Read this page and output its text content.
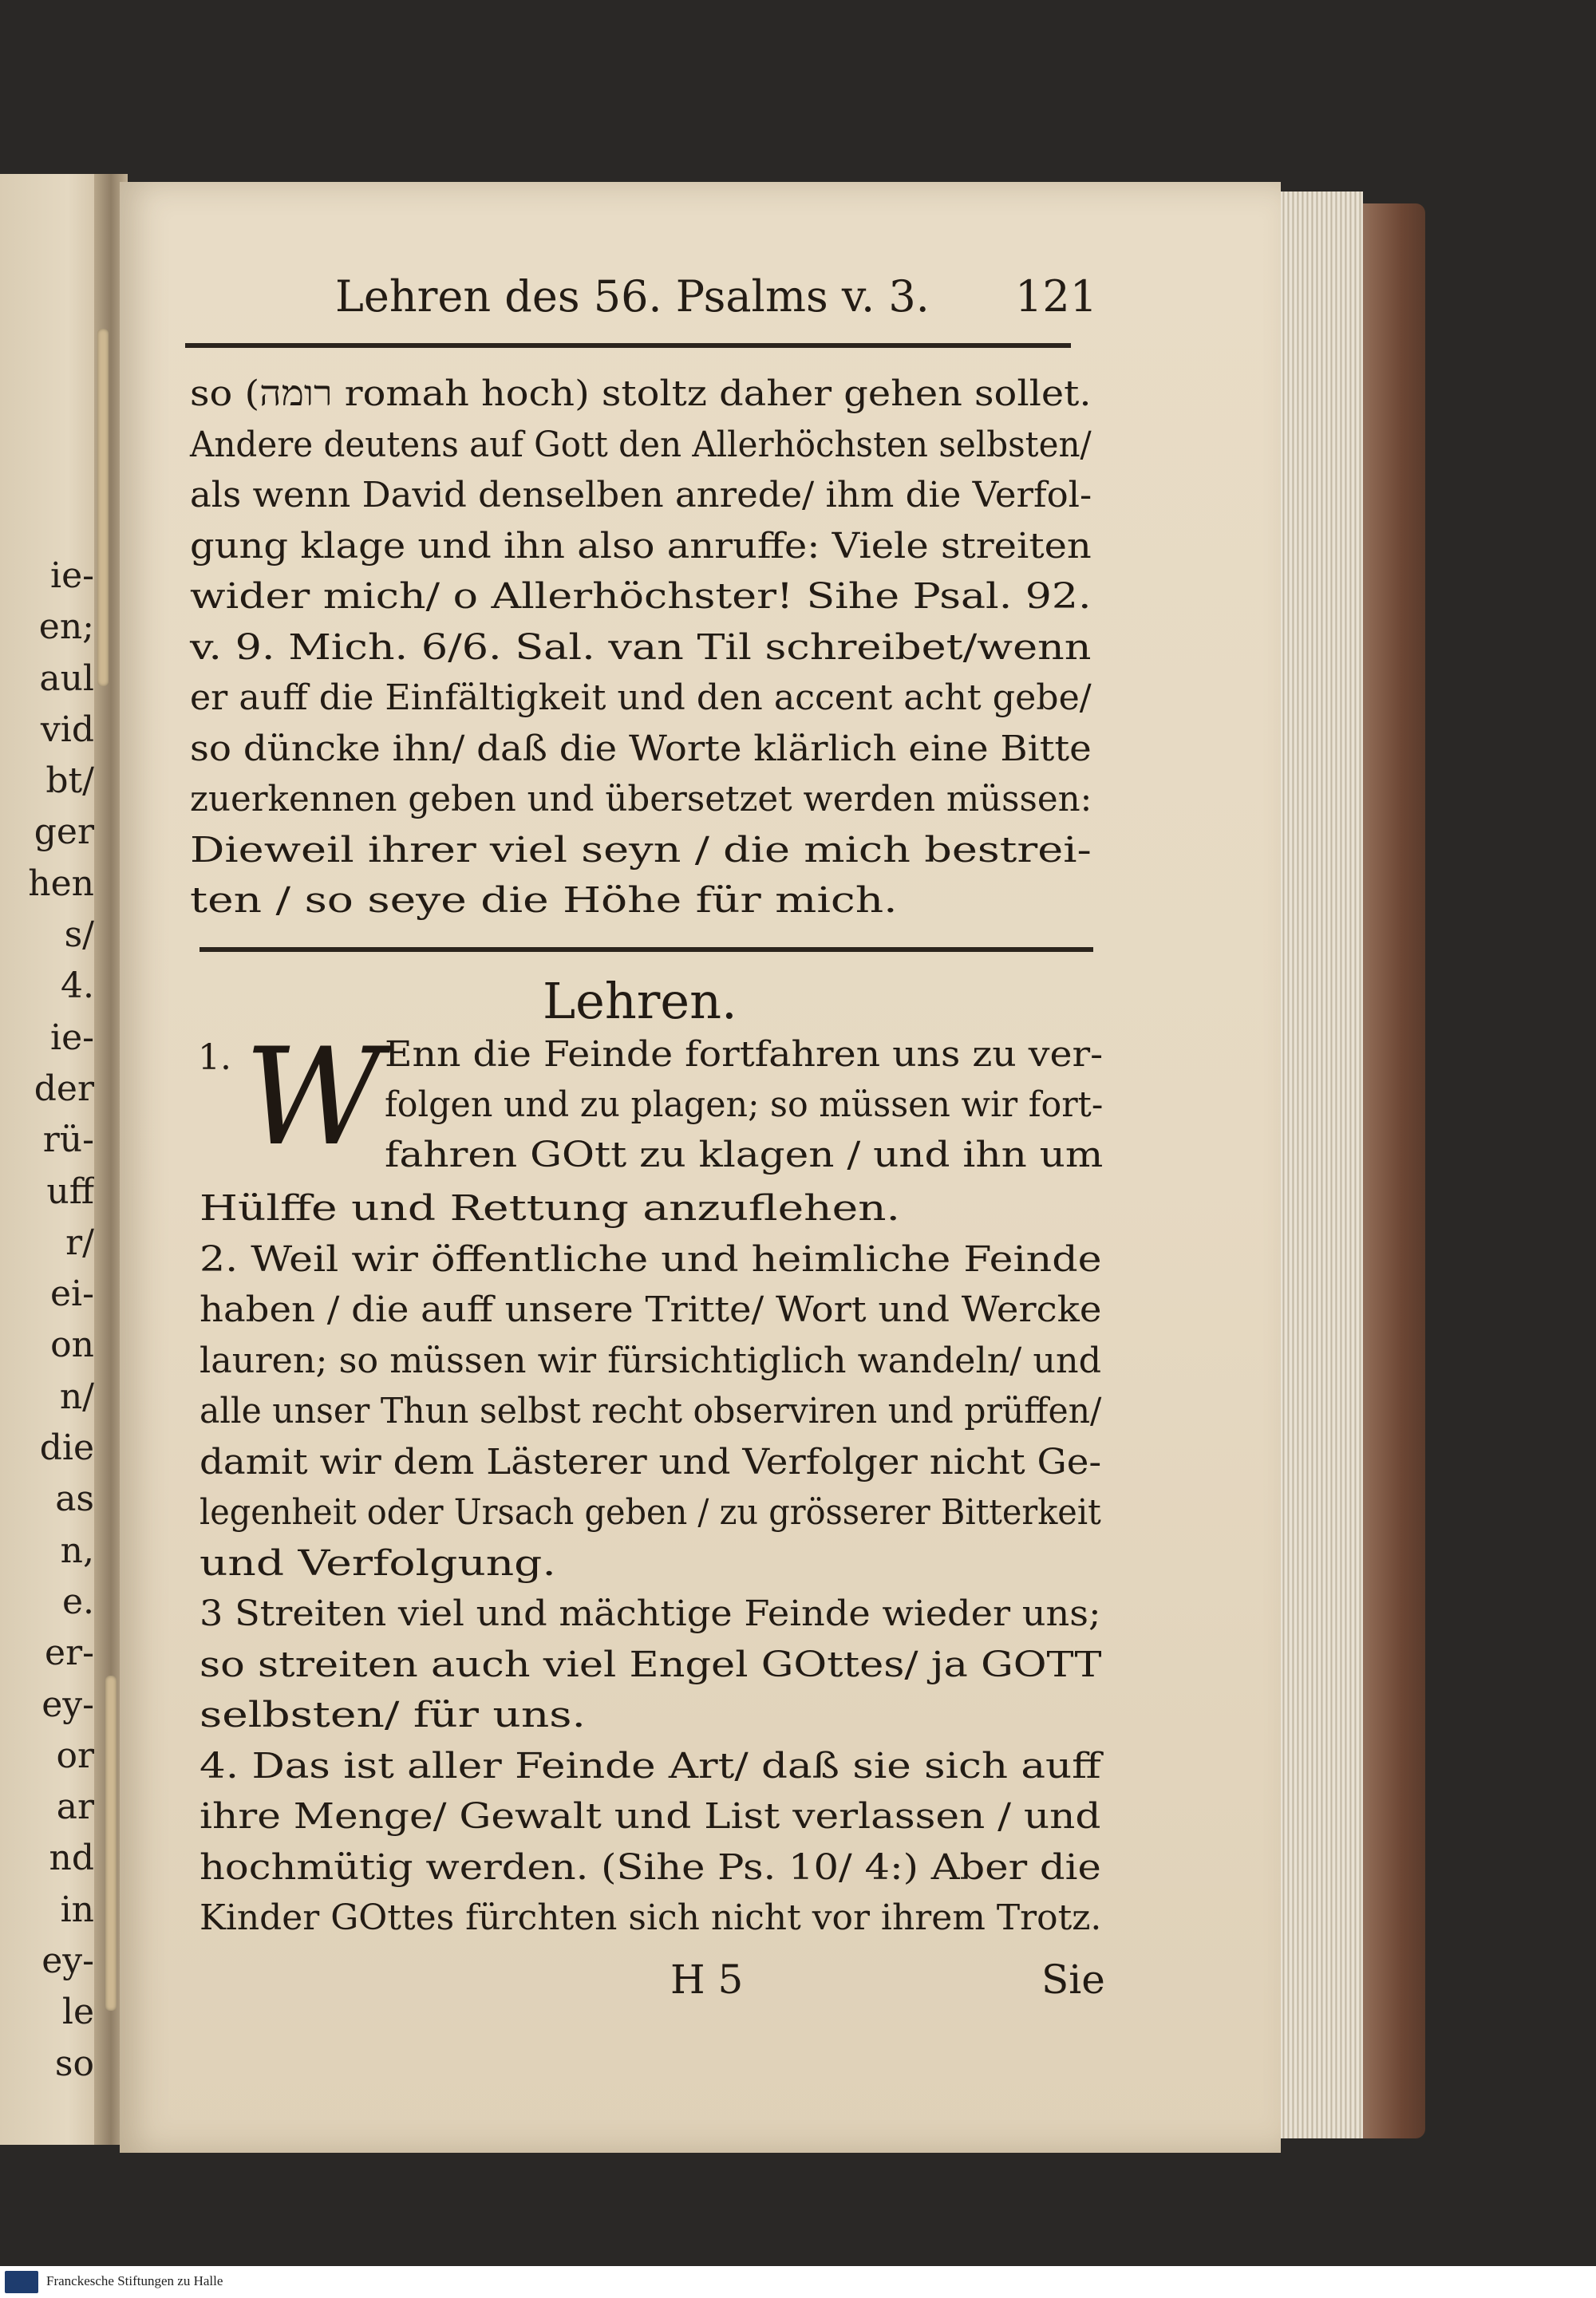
ie-
en;
aul
vid
bt/
ger
hen
s/
4.
ie-
der
rü-
uff
r/
ei-
on
n/
die
as
n,
e.
er-
ey-
or
ar
nd
in
ey-
le
so
Lehren des 56. Psalms v. 3. 121
so (רומה romah hoch) stoltz daher gehen sollet.
Andere deutens auf Gott den Allerhöchsten selbsten/
als wenn David denselben anrede/ ihm die Verfol-
gung klage und ihn also anruffe: Viele streiten
wider mich/ o Allerhöchster! Sihe Psal. 92.
v. 9. Mich. 6/6. Sal. van Til schreibet/wenn
er auff die Einfältigkeit und den accent acht gebe/
so düncke ihn/ daß die Worte klärlich eine Bitte
zuerkennen geben und übersetzet werden müssen:
Dieweil ihrer viel seyn / die mich bestrei-
ten / so seye die Höhe für mich.
Lehren.
1. W Enn die Feinde fortfahren uns zu ver-
folgen und zu plagen; so müssen wir fort-
fahren GOtt zu klagen / und ihn um
Hülffe und Rettung anzuflehen.
2. Weil wir öffentliche und heimliche Feinde
haben / die auff unsere Tritte/ Wort und Wercke
lauren; so müssen wir fürsichtiglich wandeln/ und
alle unser Thun selbst recht observiren und prüffen/
damit wir dem Lästerer und Verfolger nicht Ge-
legenheit oder Ursach geben / zu grösserer Bitterkeit
und Verfolgung.
3 Streiten viel und mächtige Feinde wieder uns;
so streiten auch viel Engel GOttes/ ja GOTT
selbsten/ für uns.
4. Das ist aller Feinde Art/ daß sie sich auff
ihre Menge/ Gewalt und List verlassen / und
hochmütig werden. (Sihe Ps. 10/ 4:) Aber die
Kinder GOttes fürchten sich nicht vor ihrem Trotz.
H 5	Sie
Franckesche Stiftungen zu Halle
